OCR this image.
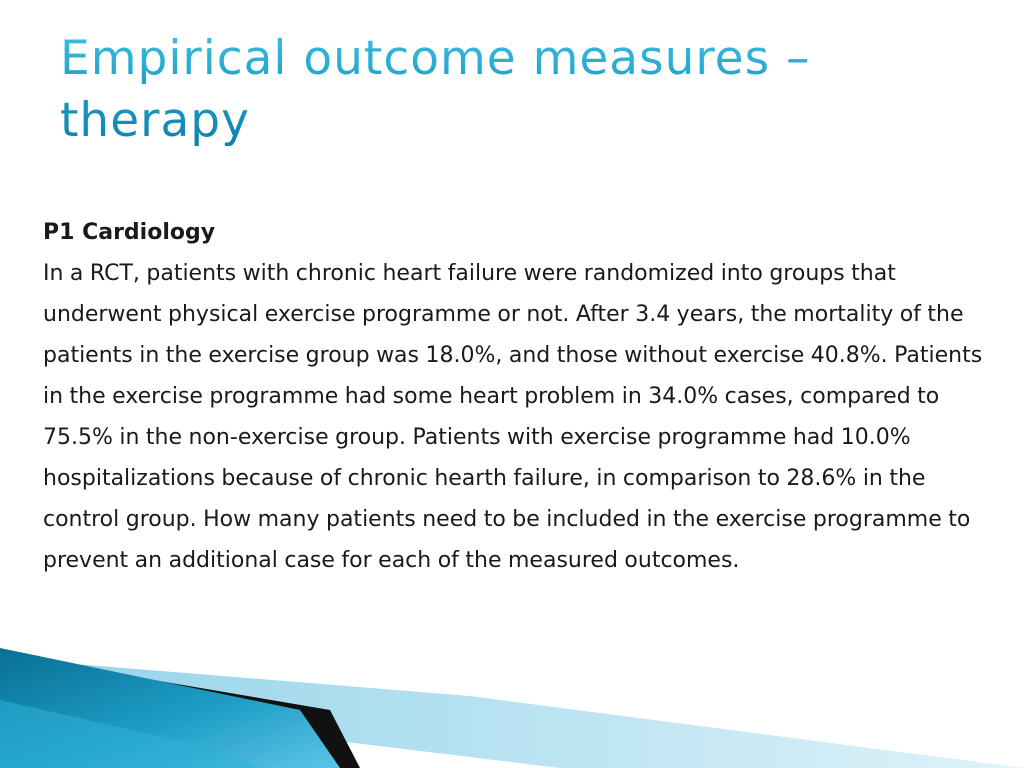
Empirical outcome measures – therapy
P1 Cardiology
In a RCT, patients with chronic heart failure were randomized into groups that underwent physical exercise programme or not. After 3.4 years, the mortality of the patients in the exercise group was 18.0%, and those without exercise 40.8%. Patients in the exercise programme had some heart problem in 34.0% cases, compared to 75.5% in the non-exercise group. Patients with exercise programme had 10.0% hospitalizations because of chronic hearth failure, in comparison to 28.6% in the control group. How many patients need to be included in the exercise programme to prevent an additional case for each of the measured outcomes.
